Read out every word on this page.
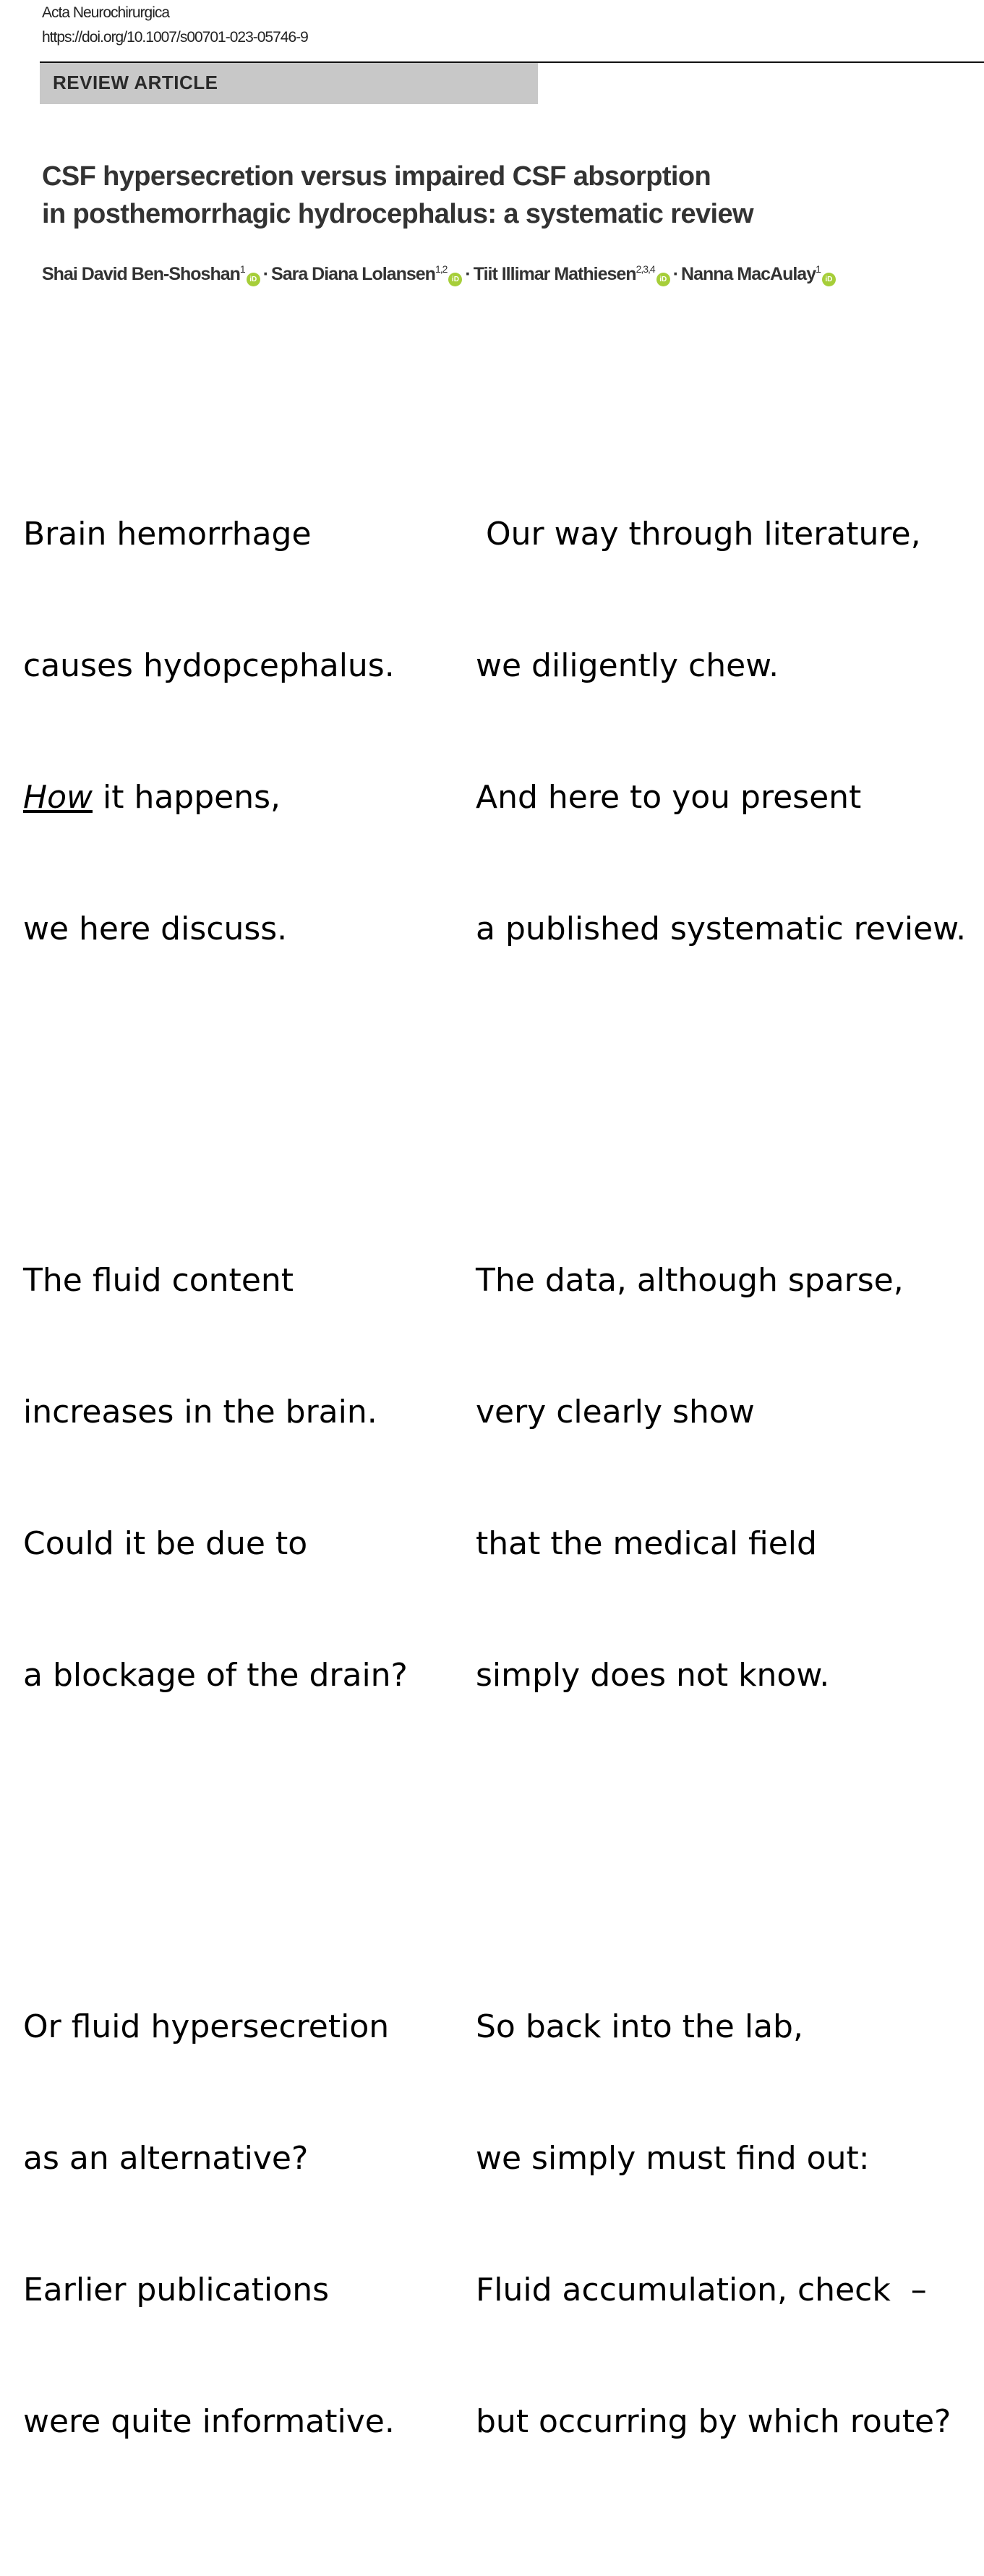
Acta Neurochirurgica
https://doi.org/10.1007/s00701-023-05746-9
REVIEW ARTICLE
CSF hypersecretion versus impaired CSF absorption
in posthemorrhagic hydrocephalus: a systematic review
Shai David Ben-Shoshan$^1$iD · Sara Diana Lolansen$^{1,2}$iD · Tiit Illimar Mathiesen$^{2,3,4}$iD · Nanna MacAulay$^1$iD

Brain hemorrhage

causes hydopcephalus.

How it happens,

we here discuss.

The fluid content

increases in the brain.

Could it be due to

a blockage of the drain?

Or fluid hypersecretion

as an alternative?

Earlier publications

were quite informative.

Our way through literature,

we diligently chew.

And here to you present

a published systematic review.

The data, although sparse,

very clearly show

that the medical field

simply does not know.

So back into the lab,

we simply must find out:

Fluid accumulation, check  –

but occurring by which route?
